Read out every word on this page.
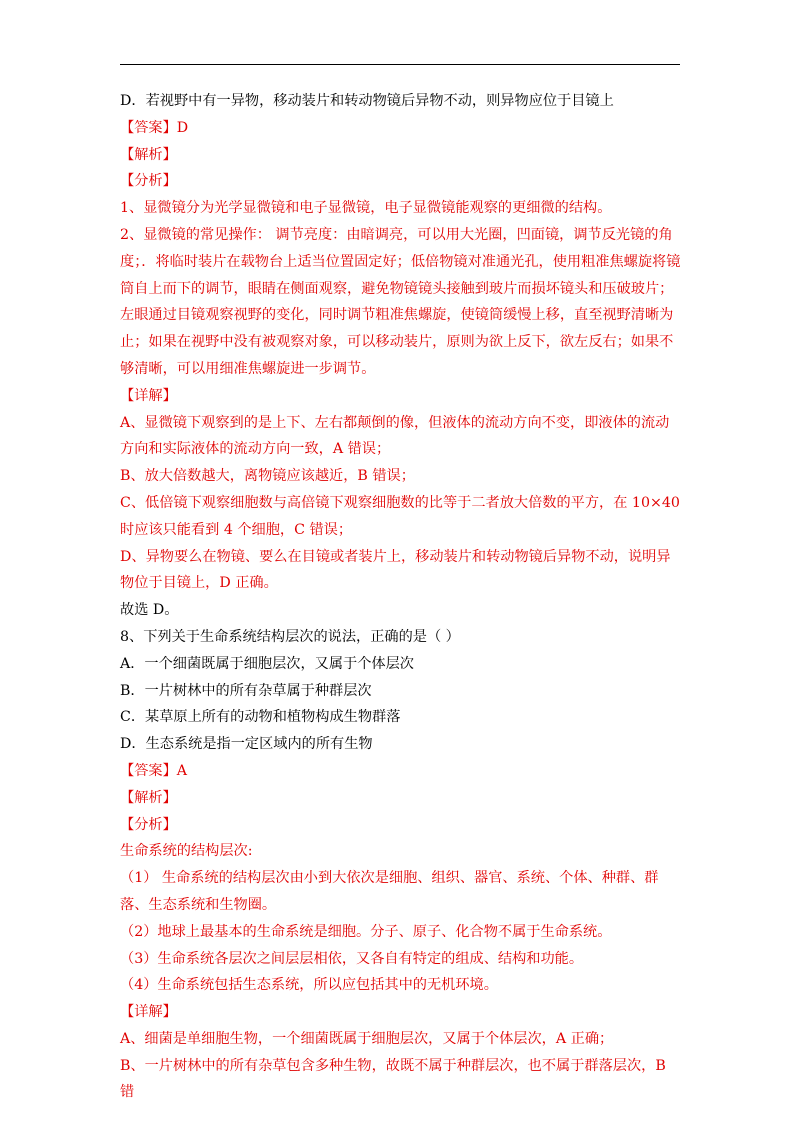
D．若视野中有一异物，移动装片和转动物镜后异物不动，则异物应位于目镜上

【答案】D

【解析】

【分析】

1、显微镜分为光学显微镜和电子显微镜，电子显微镜能观察的更细微的结构。

2、显微镜的常见操作： 调节亮度：由暗调亮，可以用大光圈，凹面镜，调节反光镜的角度；．将临时装片在载物台上适当位置固定好；低倍物镜对准通光孔，使用粗准焦螺旋将镜筒自上而下的调节，眼睛在侧面观察，避免物镜镜头接触到玻片而损坏镜头和压破玻片；左眼通过目镜观察视野的变化，同时调节粗准焦螺旋，使镜筒缓慢上移，直至视野清晰为止；如果在视野中没有被观察对象，可以移动装片，原则为欲上反下，欲左反右；如果不够清晰，可以用细准焦螺旋进一步调节。

【详解】

A、显微镜下观察到的是上下、左右都颠倒的像，但液体的流动方向不变，即液体的流动方向和实际液体的流动方向一致，A 错误；

B、放大倍数越大，离物镜应该越近，B 错误；

C、低倍镜下观察细胞数与高倍镜下观察细胞数的比等于二者放大倍数的平方，在 10×40 时应该只能看到 4 个细胞，C 错误；

D、异物要么在物镜、要么在目镜或者装片上，移动装片和转动物镜后异物不动，说明异物位于目镜上，D 正确。

故选 D。

8、下列关于生命系统结构层次的说法，正确的是（ ）

A．一个细菌既属于细胞层次，又属于个体层次

B．一片树林中的所有杂草属于种群层次

C．某草原上所有的动物和植物构成生物群落

D．生态系统是指一定区域内的所有生物

【答案】A

【解析】

【分析】

生命系统的结构层次:

（1） 生命系统的结构层次由小到大依次是细胞、组织、器官、系统、个体、种群、群落、生态系统和生物圈。

（2）地球上最基本的生命系统是细胞。分子、原子、化合物不属于生命系统。

（3）生命系统各层次之间层层相依，又各自有特定的组成、结构和功能。

（4）生命系统包括生态系统，所以应包括其中的无机环境。

【详解】

A、细菌是单细胞生物，一个细菌既属于细胞层次，又属于个体层次，A 正确；

B、一片树林中的所有杂草包含多种生物，故既不属于种群层次，也不属于群落层次，B 错
